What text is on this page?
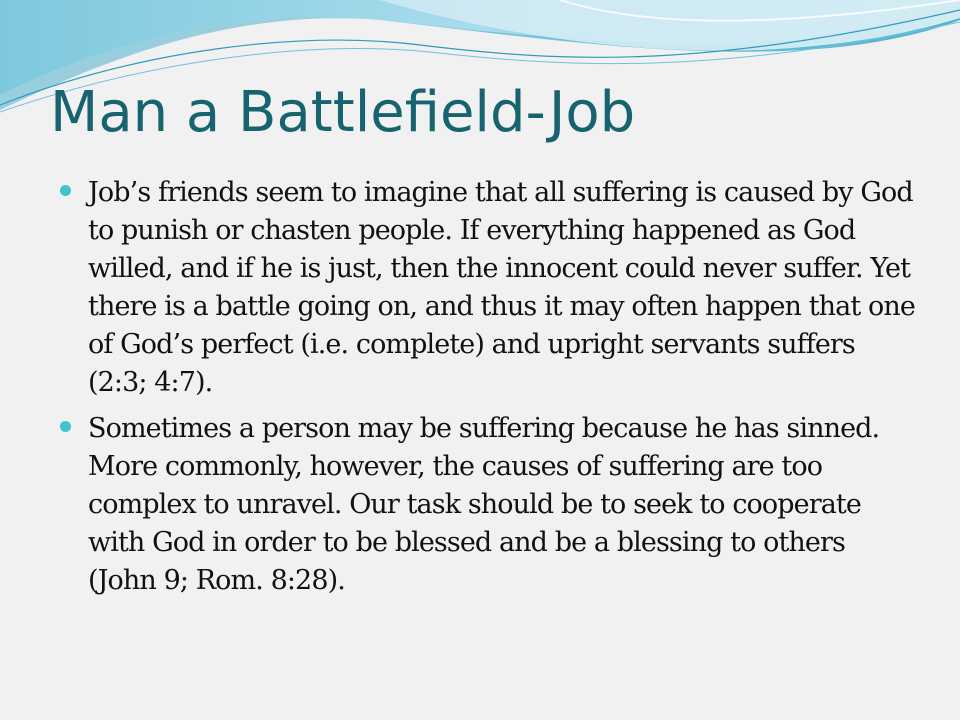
Man a Battlefield-Job
Job’s friends seem to imagine that all suffering is caused by God to punish or chasten people. If everything happened as God willed, and if he is just, then the innocent could never suffer. Yet there is a battle going on, and thus it may often happen that one of God’s perfect (i.e. complete) and upright servants suffers (2:3; 4:7).
Sometimes a person may be suffering because he has sinned. More commonly, however, the causes of suffering are too complex to unravel. Our task should be to seek to cooperate with God in order to be blessed and be a blessing to others (John 9; Rom. 8:28).
